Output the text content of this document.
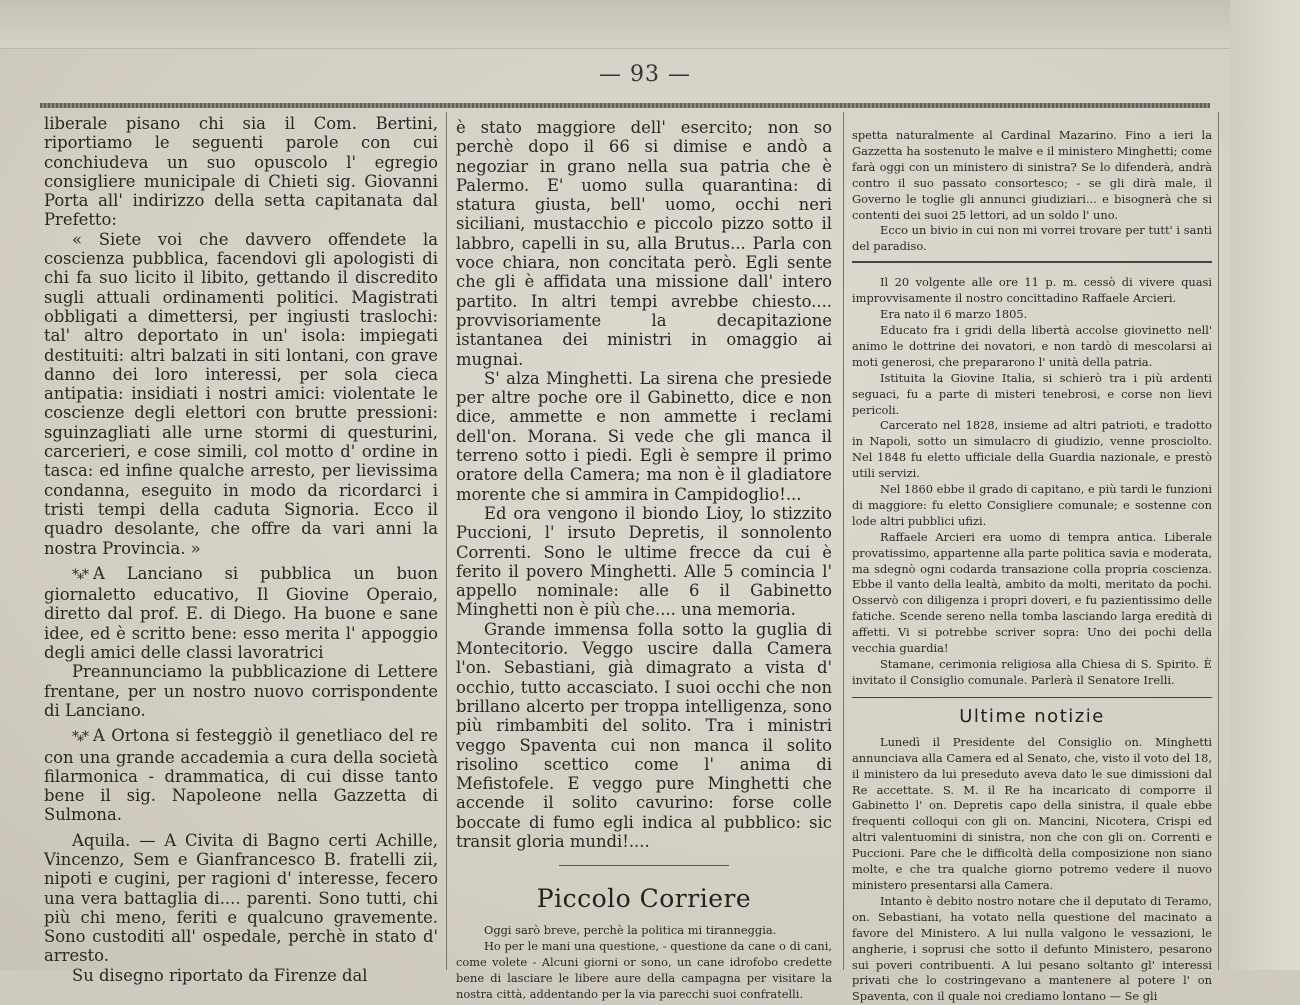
— 93 —

liberale pisano chi sia il Com. Bertini, riportiamo le seguenti parole con cui conchiudeva un suo opuscolo l' egregio consigliere municipale di Chieti sig. Giovanni Porta all' indirizzo della setta capitanata dal Prefetto:

« Siete voi che davvero offendete la coscienza pubblica, facendovi gli apologisti di chi fa suo licito il libito, gettando il discredito sugli attuali ordinamenti politici. Magistrati obbligati a dimettersi, per ingiusti traslochi: tal' altro deportato in un' isola: impiegati destituiti: altri balzati in siti lontani, con grave danno dei loro interessi, per sola cieca antipatia: insidiati i nostri amici: violentate le coscienze degli elettori con brutte pressioni: sguinzagliati alle urne stormi di questurini, carcerieri, e cose simili, col motto d' ordine in tasca: ed infine qualche arresto, per lievissima condanna, eseguito in modo da ricordarci i tristi tempi della caduta Signoria. Ecco il quadro desolante, che offre da vari anni la nostra Provincia. »

*⁎* A Lanciano si pubblica un buon giornaletto educativo, Il Giovine Operaio, diretto dal prof. E. di Diego. Ha buone e sane idee, ed è scritto bene: esso merita l' appoggio degli amici delle classi lavoratrici

Preannunciamo la pubblicazione di Lettere frentane, per un nostro nuovo corrispondente di Lanciano.

*⁎* A Ortona si festeggiò il genetliaco del re con una grande accademia a cura della società filarmonica - drammatica, di cui disse tanto bene il sig. Napoleone nella Gazzetta di Sulmona.

Aquila. — A Civita di Bagno certi Achille, Vincenzo, Sem e Gianfrancesco B. fratelli zii, nipoti e cugini, per ragioni d' interesse, fecero una vera battaglia di.... parenti. Sono tutti, chi più chi meno, feriti e qualcuno gravemente. Sono custoditi all' ospedale, perchè in stato d' arresto.

Su disegno riportato da Firenze dal

è stato maggiore dell' esercito; non so perchè dopo il 66 si dimise e andò a negoziar in grano nella sua patria che è Palermo. E' uomo sulla quarantina: di statura giusta, bell' uomo, occhi neri siciliani, mustacchio e piccolo pizzo sotto il labbro, capelli in su, alla Brutus... Parla con voce chiara, non concitata però. Egli sente che gli è affidata una missione dall' intero partito. In altri tempi avrebbe chiesto.... provvisoriamente la decapitazione istantanea dei ministri in omaggio ai mugnai.

S' alza Minghetti. La sirena che presiede per altre poche ore il Gabinetto, dice e non dice, ammette e non ammette i reclami dell'on. Morana. Si vede che gli manca il terreno sotto i piedi. Egli è sempre il primo oratore della Camera; ma non è il gladiatore morente che si ammira in Campidoglio!...

Ed ora vengono il biondo Lioy, lo stizzito Puccioni, l' irsuto Depretis, il sonnolento Correnti. Sono le ultime frecce da cui è ferito il povero Minghetti. Alle 5 comincia l' appello nominale: alle 6 il Gabinetto Minghetti non è più che.... una memoria.

Grande immensa folla sotto la guglia di Montecitorio. Veggo uscire dalla Camera l'on. Sebastiani, già dimagrato a vista d' occhio, tutto accasciato. I suoi occhi che non brillano alcerto per troppa intelligenza, sono più rimbambiti del solito. Tra i ministri veggo Spaventa cui non manca il solito risolino scettico come l' anima di Mefistofele. E veggo pure Minghetti che accende il solito cavurino: forse colle boccate di fumo egli indica al pubblico: sic transit gloria mundi!....

Piccolo Corriere

Oggi sarò breve, perchè la politica mi tiranneggia.

Ho per le mani una questione, - questione da cane o di cani, come volete - Alcuni giorni or sono, un cane idrofobo credette bene di lasciare le libere aure della campagna per visitare la nostra città, addentando per la via parecchi suoi confratelli.

spetta naturalmente al Cardinal Mazarino. Fino a ieri la Gazzetta ha sostenuto le malve e il ministero Minghetti; come farà oggi con un ministero di sinistra? Se lo difenderà, andrà contro il suo passato consortesco; - se gli dirà male, il Governo le toglie gli annunci giudiziari... e bisognerà che si contenti dei suoi 25 lettori, ad un soldo l' uno.

Ecco un bivio in cui non mi vorrei trovare per tutt' i santi del paradiso.

Il 20 volgente alle ore 11 p. m. cessò di vivere quasi improvvisamente il nostro concittadino Raffaele Arcieri.

Era nato il 6 marzo 1805.

Educato fra i gridi della libertà accolse giovinetto nell' animo le dottrine dei novatori, e non tardò di mescolarsi ai moti generosi, che prepararono l' unità della patria.

Istituita la Giovine Italia, si schierò tra i più ardenti seguaci, fu a parte di misteri tenebrosi, e corse non lievi pericoli.

Carcerato nel 1828, insieme ad altri patrioti, e tradotto in Napoli, sotto un simulacro di giudizio, venne prosciolto. Nel 1848 fu eletto ufficiale della Guardia nazionale, e prestò utili servizi.

Nel 1860 ebbe il grado di capitano, e più tardi le funzioni di maggiore: fu eletto Consigliere comunale; e sostenne con lode altri pubblici ufizi.

Raffaele Arcieri era uomo di tempra antica. Liberale provatissimo, appartenne alla parte politica savia e moderata, ma sdegnò ogni codarda transazione colla propria coscienza. Ebbe il vanto della lealtà, ambito da molti, meritato da pochi. Osservò con diligenza i propri doveri, e fu pazientissimo delle fatiche. Scende sereno nella tomba lasciando larga eredità di affetti. Vi si potrebbe scriver sopra: Uno dei pochi della vecchia guardia!

Stamane, cerimonia religiosa alla Chiesa di S. Spirito. È invitato il Consiglio comunale. Parlerà il Senatore Irelli.

Ultime notizie

Lunedì il Presidente del Consiglio on. Minghetti annunciava alla Camera ed al Senato, che, visto il voto del 18, il ministero da lui preseduto aveva dato le sue dimissioni dal Re accettate. S. M. il Re ha incaricato di comporre il Gabinetto l' on. Depretis capo della sinistra, il quale ebbe frequenti colloqui con gli on. Mancini, Nicotera, Crispi ed altri valentuomini di sinistra, non che con gli on. Correnti e Puccioni. Pare che le difficoltà della composizione non siano molte, e che tra qualche giorno potremo vedere il nuovo ministero presentarsi alla Camera.

Intanto è debito nostro notare che il deputato di Teramo, on. Sebastiani, ha votato nella questione del macinato a favore del Ministero. A lui nulla valgono le vessazioni, le angherie, i soprusi che sotto il defunto Ministero, pesarono sui poveri contribuenti. A lui pesano soltanto gl' interessi privati che lo costringevano a mantenere al potere l' on Spaventa, con il quale noi crediamo lontano — Se gli
